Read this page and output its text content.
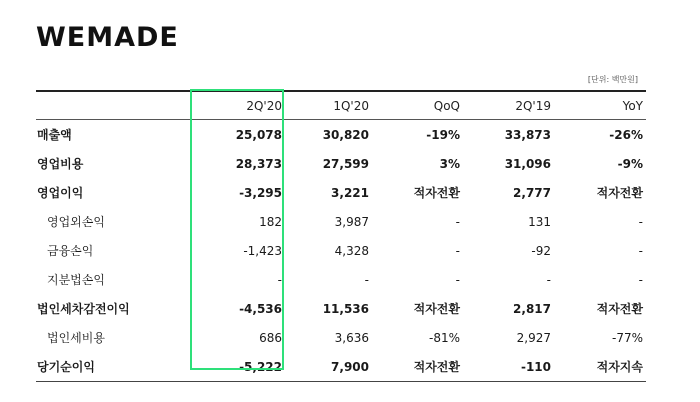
WEMADE
[단위: 백만원]
	2Q'20	1Q'20	QoQ	2Q'19	YoY
매출액	25,078	30,820	-19%	33,873	-26%
영업비용	28,373	27,599	3%	31,096	-9%
영업이익	-3,295	3,221	적자전환	2,777	적자전환
영업외손익	182	3,987	-	131	-
금융손익	-1,423	4,328	-	-92	-
지분법손익	-	-	-	-	-
법인세차감전이익	-4,536	11,536	적자전환	2,817	적자전환
법인세비용	686	3,636	-81%	2,927	-77%
당기순이익	-5,222	7,900	적자전환	-110	적자지속
